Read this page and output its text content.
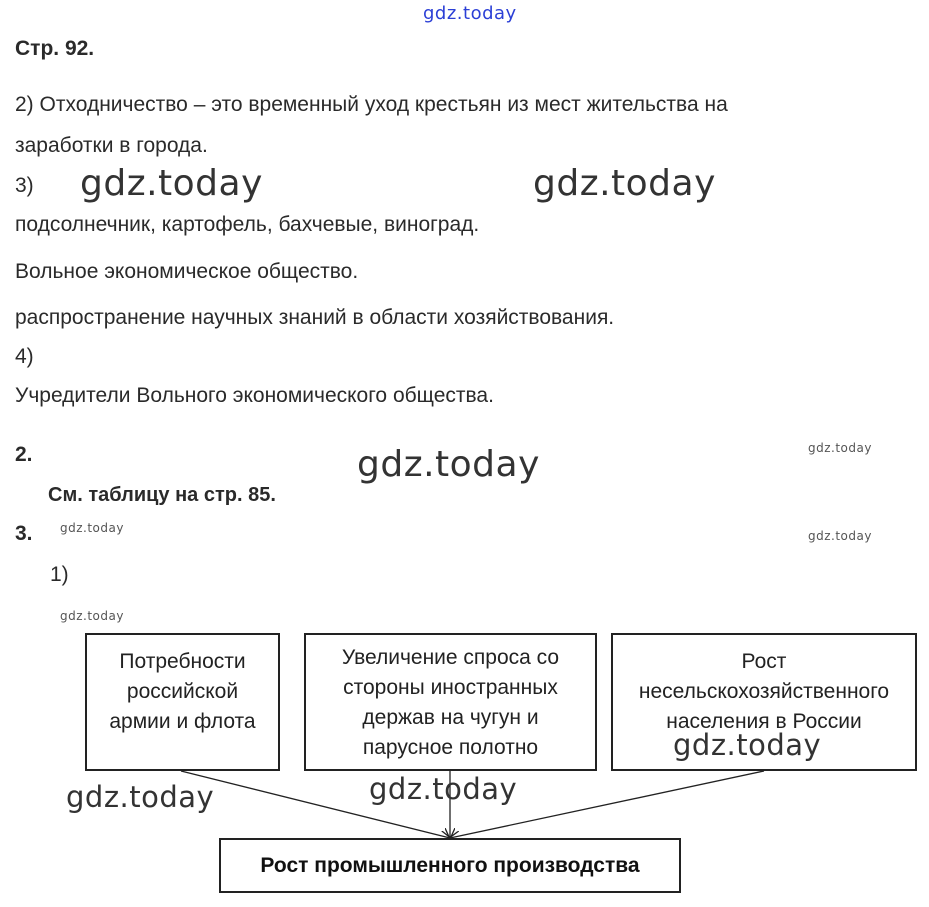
gdz.today
Стр. 92.
2) Отходничество – это временный уход крестьян из мест жительства на
заработки в города.
3) gdz.today	gdz.today
подсолнечник, картофель, бахчевые, виноград.
Вольное экономическое общество.
распространение научных знаний в области хозяйствования.
4)
Учредители Вольного экономического общества.
2.	gdz.today	gdz.today
См. таблицу на стр. 85.
3. gdz.today
gdz.today
1)
gdz.today
Потребности
российской
армии и флота
Увеличение спроса со
стороны иностранных
держав на чугун и
парусное полотно
Рост
несельскохозяйственного
населения в России
gdz.today
gdz.today	gdz.today
Рост промышленного производства
